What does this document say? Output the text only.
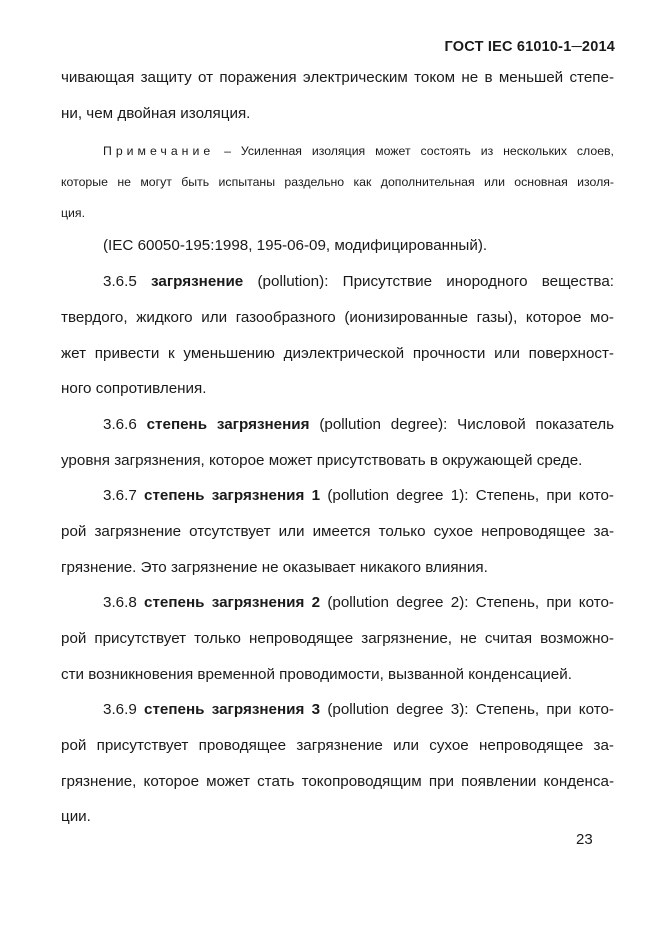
ГОСТ IEC 61010-1─2014
чивающая защиту от поражения электрическим током не в меньшей степе-
ни, чем двойная изоляция.
Примечание – Усиленная изоляция может состоять из нескольких слоев,
которые не могут быть испытаны раздельно как дополнительная или основная изоля-
ция.
(IEC 60050-195:1998, 195-06-09, модифицированный).
3.6.5 загрязнение (pollution): Присутствие инородного вещества:
твердого, жидкого или газообразного (ионизированные газы), которое мо-
жет привести к уменьшению диэлектрической прочности или поверхност-
ного сопротивления.
3.6.6 степень загрязнения (pollution degree): Числовой показатель
уровня загрязнения, которое может присутствовать в окружающей среде.
3.6.7 степень загрязнения 1 (pollution degree 1): Степень, при кото-
рой загрязнение отсутствует или имеется только сухое непроводящее за-
грязнение. Это загрязнение не оказывает никакого влияния.
3.6.8 степень загрязнения 2 (pollution degree 2): Степень, при кото-
рой присутствует только непроводящее загрязнение, не считая возможно-
сти возникновения временной проводимости, вызванной конденсацией.
3.6.9 степень загрязнения 3 (pollution degree 3): Степень, при кото-
рой присутствует проводящее загрязнение или сухое непроводящее за-
грязнение, которое может стать токопроводящим при появлении конденса-
ции.
23
